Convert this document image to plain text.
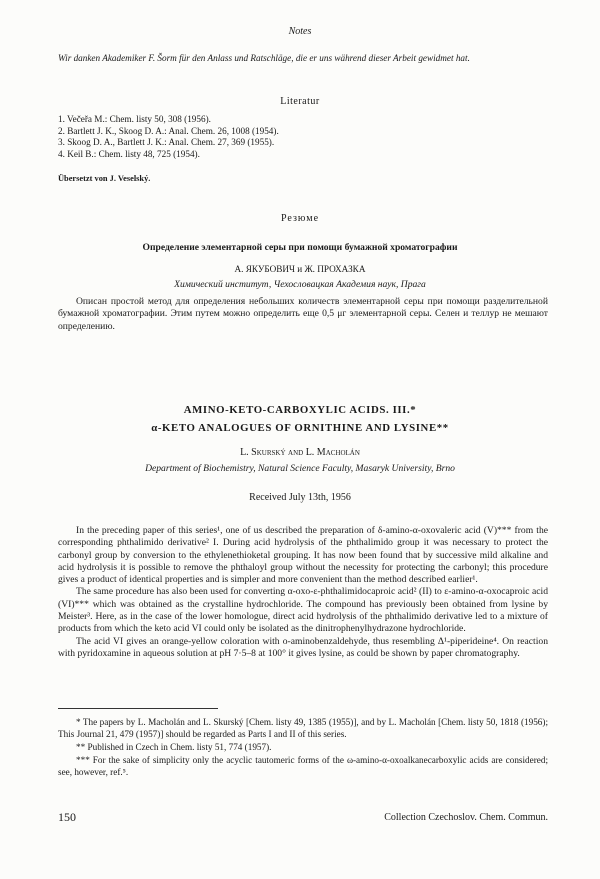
Notes
Wir danken Akademiker F. Šorm für den Anlass und Ratschläge, die er uns während dieser Arbeit gewidmet hat.
Literatur
1. Večeřa M.: Chem. listy 50, 308 (1956).
2. Bartlett J. K., Skoog D. A.: Anal. Chem. 26, 1008 (1954).
3. Skoog D. A., Bartlett J. K.: Anal. Chem. 27, 369 (1955).
4. Keil B.: Chem. listy 48, 725 (1954).
Übersetzt von J. Veselský.
Резюме
Определение элементарной серы при помощи бумажной хроматографии
А. ЯКУБОВИЧ и Ж. ПРОХАЗКА
Химический институт, Чехословацкая Академия наук, Прага
Описан простой метод для определения небольших количеств элементарной серы при помощи разделительной бумажной хроматографии. Этим путем можно определить еще 0,5 μг элементарной серы. Селен и теллур не мешают определению.
AMINO-KETO-CARBOXYLIC ACIDS. III.*
α-KETO ANALOGUES OF ORNITHINE AND LYSINE**
L. Skurský and L. Macholán
Department of Biochemistry, Natural Science Faculty, Masaryk University, Brno
Received July 13th, 1956

In the preceding paper of this series¹, one of us described the preparation of δ-amino-α-oxovaleric acid (V)*** from the corresponding phthalimido derivative² I. During acid hydrolysis of the phthalimido group it was necessary to protect the carbonyl group by conversion to the ethylenethioketal grouping. It has now been found that by successive mild alkaline and acid hydrolysis it is possible to remove the phthaloyl group without the necessity for protecting the carbonyl; this procedure gives a product of identical properties and is simpler and more convenient than the method described earlier¹.

The same procedure has also been used for converting α-oxo-ε-phthalimidocaproic acid² (II) to ε-amino-α-oxocaproic acid (VI)*** which was obtained as the crystalline hydrochloride. The compound has previously been obtained from lysine by Meister³. Here, as in the case of the lower homologue, direct acid hydrolysis of the phthalimido derivative led to a mixture of products from which the keto acid VI could only be isolated as the dinitrophenylhydrazone hydrochloride.

The acid VI gives an orange-yellow coloration with o-aminobenzaldehyde, thus resembling Δ¹-piperideine⁴. On reaction with pyridoxamine in aqueous solution at pH 7·5–8 at 100° it gives lysine, as could be shown by paper chromatography.

* The papers by L. Macholán and L. Skurský [Chem. listy 49, 1385 (1955)], and by L. Macholán [Chem. listy 50, 1818 (1956); This Journal 21, 479 (1957)] should be regarded as Parts I and II of this series.

** Published in Czech in Chem. listy 51, 774 (1957).

*** For the sake of simplicity only the acyclic tautomeric forms of the ω-amino-α-oxoalkanecarboxylic acids are considered; see, however, ref.⁵.

150	Collection Czechoslov. Chem. Commun.
